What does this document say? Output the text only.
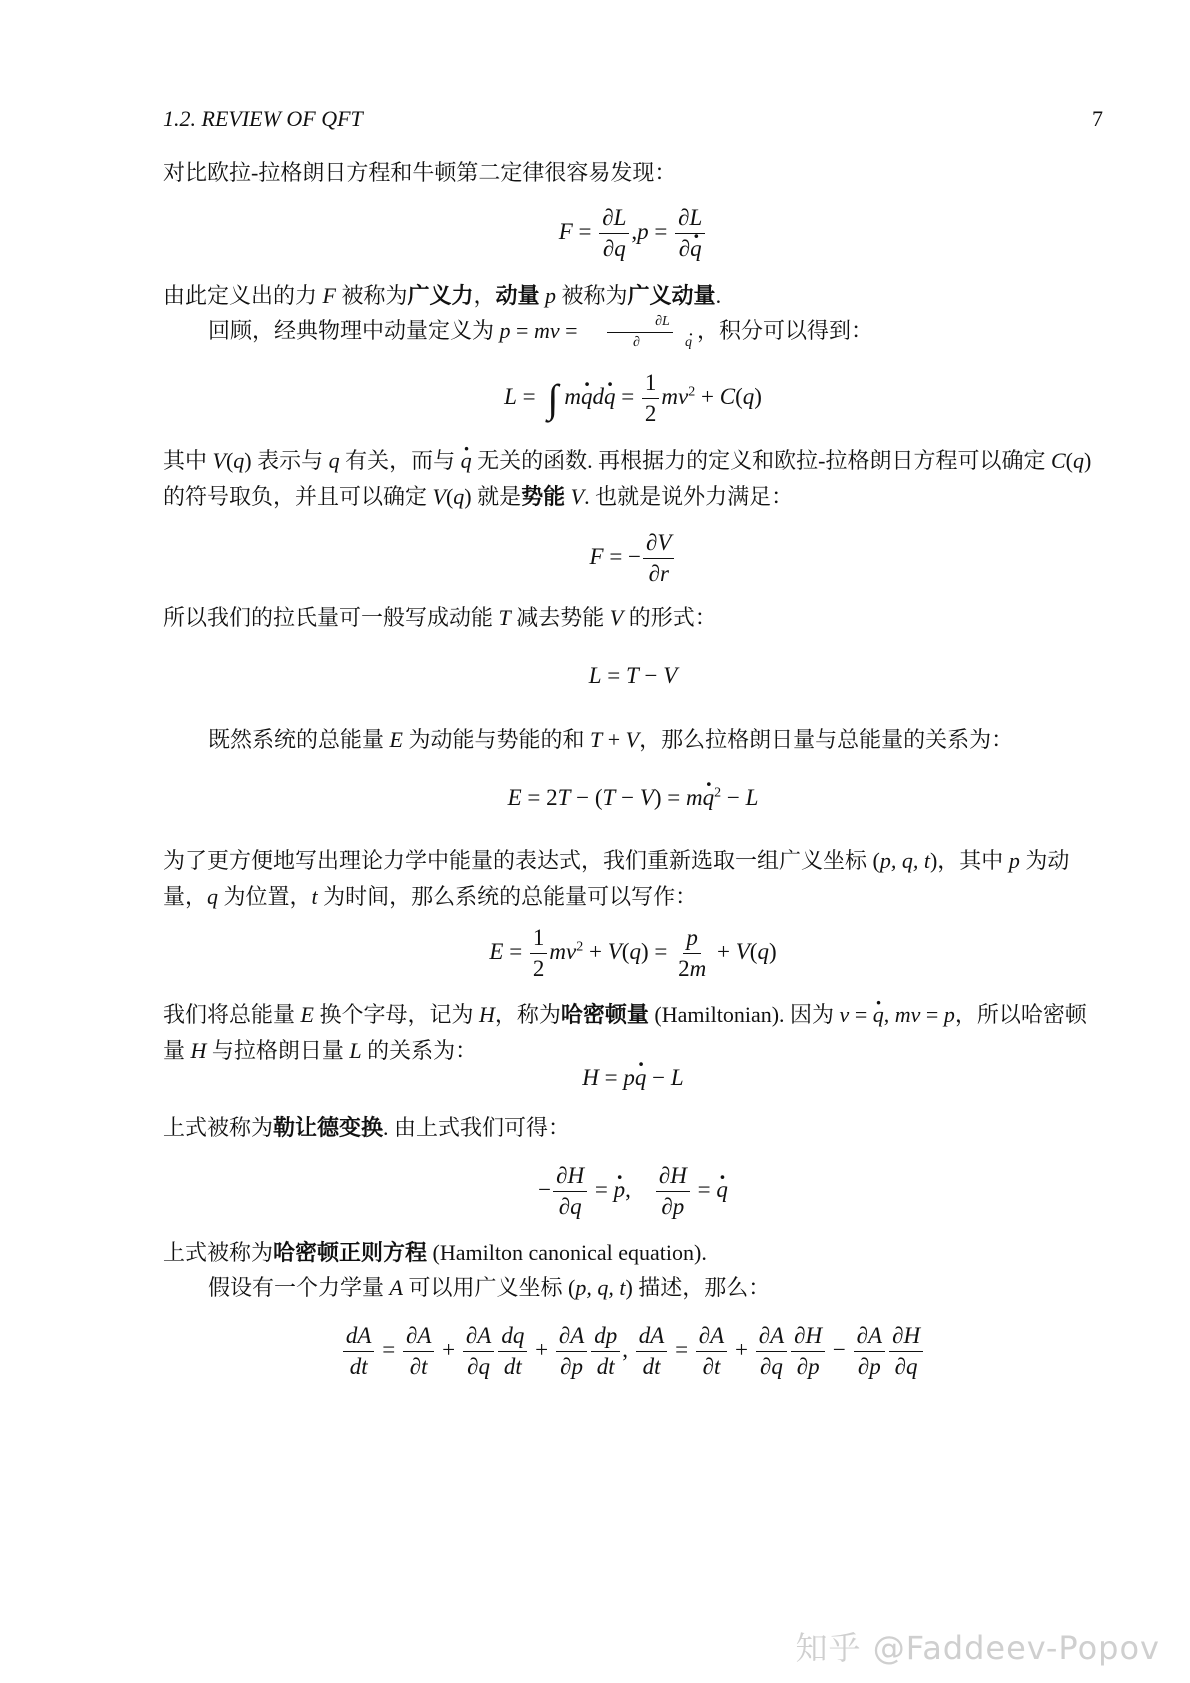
1.2. REVIEW OF QFT	7
对比欧拉-拉格朗日方程和牛顿第二定律很容易发现：
$F = \frac{\partial L}{\partial q} ,p = \frac{\partial L}{\partial\cdot q}$
由此定义出的力 F 被称为广义力，动量 p 被称为广义动量.
回顾，经典物理中动量定义为 p = mv = ∂L
∂	· q ，积分可以得到：
L = ∫ $m\cdot qd\cdot q = \frac{1}{2} mv^2 + C(q)$
其中 V(q) 表示与 q 有关，而与 · q 无关的函数. 再根据力的定义和欧拉-拉格朗日方程可以确定 C(q) 的符号取负，并且可以确定 V(q) 就是势能 V. 也就是说外力满足：
F = − $\frac{\partial V}{\partial r}$
所以我们的拉氏量可一般写成动能 T 减去势能 V 的形式：
L = T − V
既然系统的总能量 E 为动能与势能的和 T + V，那么拉格朗日量与总能量的关系为：
$E = 2T - (T - V) = m\cdot q^2 - L$
为了更方便地写出理论力学中能量的表达式，我们重新选取一组广义坐标 (p, q, t)，其中 p 为动量，q 为位置，t 为时间，那么系统的总能量可以写作：
$E = \frac{1}{2} mv^2 + V(q) = \frac{p}{2m} + V(q)$
我们将总能量 E 换个字母，记为 H，称为哈密顿量 (Hamiltonian). 因为 v = · q, mv = p，所以哈密顿量 H 与拉格朗日量 L 的关系为：
H = p· q − L
上式被称为勒让德变换. 由上式我们可得：
− $\frac{\partial H}{\partial q}$ = · p, $\frac{\partial H}{\partial p}$ = · q
上式被称为哈密顿正则方程 (Hamilton canonical equation).
假设有一个力学量 A 可以用广义坐标 (p, q, t) 描述，那么：
$\frac{dA}{dt} = \frac{\partial A}{\partial t} + \frac{\partial A}{\partial q} \frac{dq}{dt} + \frac{\partial A}{\partial p} \frac{dp}{dt}$ , $\frac{dA}{dt} = \frac{\partial A}{\partial t} + \frac{\partial A}{\partial q} \frac{\partial H}{\partial p} - \frac{\partial A}{\partial p} \frac{\partial H}{\partial q}$
知乎 @Faddeev-Popov
